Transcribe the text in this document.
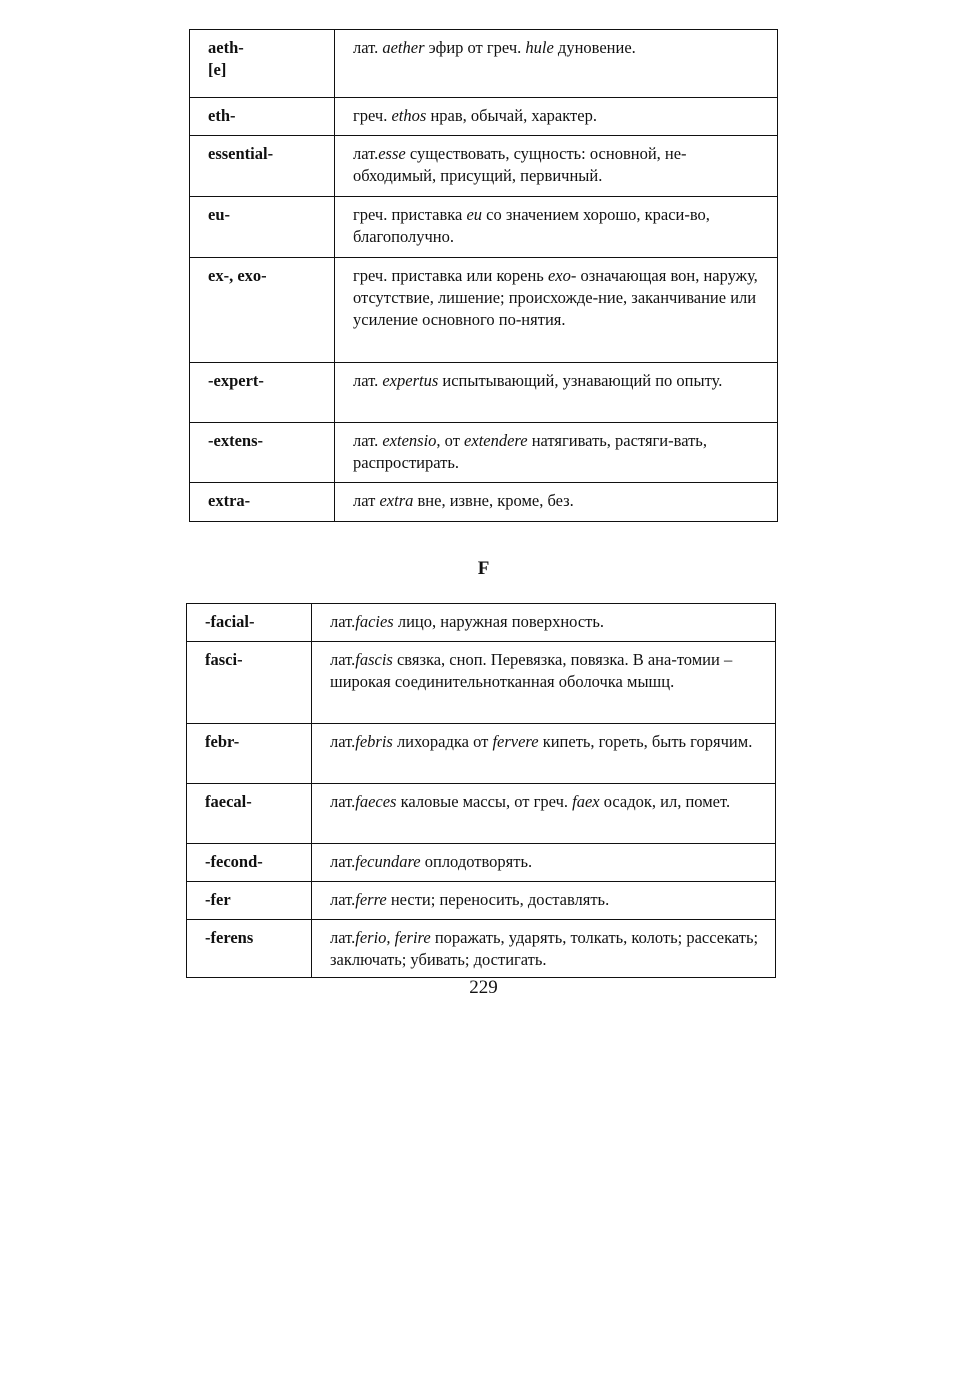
aeth-
[e]	лат. aether эфир от греч. hule дуновение.

eth-	греч. ethos нрав, обычай, характер.

essential-	лат.esse существовать, сущность: основной, не-обходимый, присущий, первичный.

eu-	греч. приставка eu со значением хорошо, краси-во, благополучно.

ex-, exo-	греч. приставка или корень exo- означающая вон, наружу, отсутствие, лишение; происхожде-ние, заканчивание или усиление основного по-нятия.

-expert-	лат. expertus испытывающий, узнавающий по опыту.

-extens-	лат. extensio, от extendere натягивать, растяги-вать, распростирать.

extra-	лат extra вне, извне, кроме, без.
F
-facial-	лат.facies лицо, наружная поверхность.

fasci-	лат.fascis связка, сноп. Перевязка, повязка. В ана-томии – широкая соединительнотканная оболочка мышц.

febr-	лат.febris лихорадка от fervere кипеть, гореть, быть горячим.

faecal-	лат.faeces каловые массы, от греч. faex осадок, ил, помет.

-fecond-	лат.fecundare оплодотворять.

-fer	лат.ferre нести; переносить, доставлять.

-ferens	лат.ferio, ferire поражать, ударять, толкать, колоть; рассекать; заключать; убивать; достигать.
229
